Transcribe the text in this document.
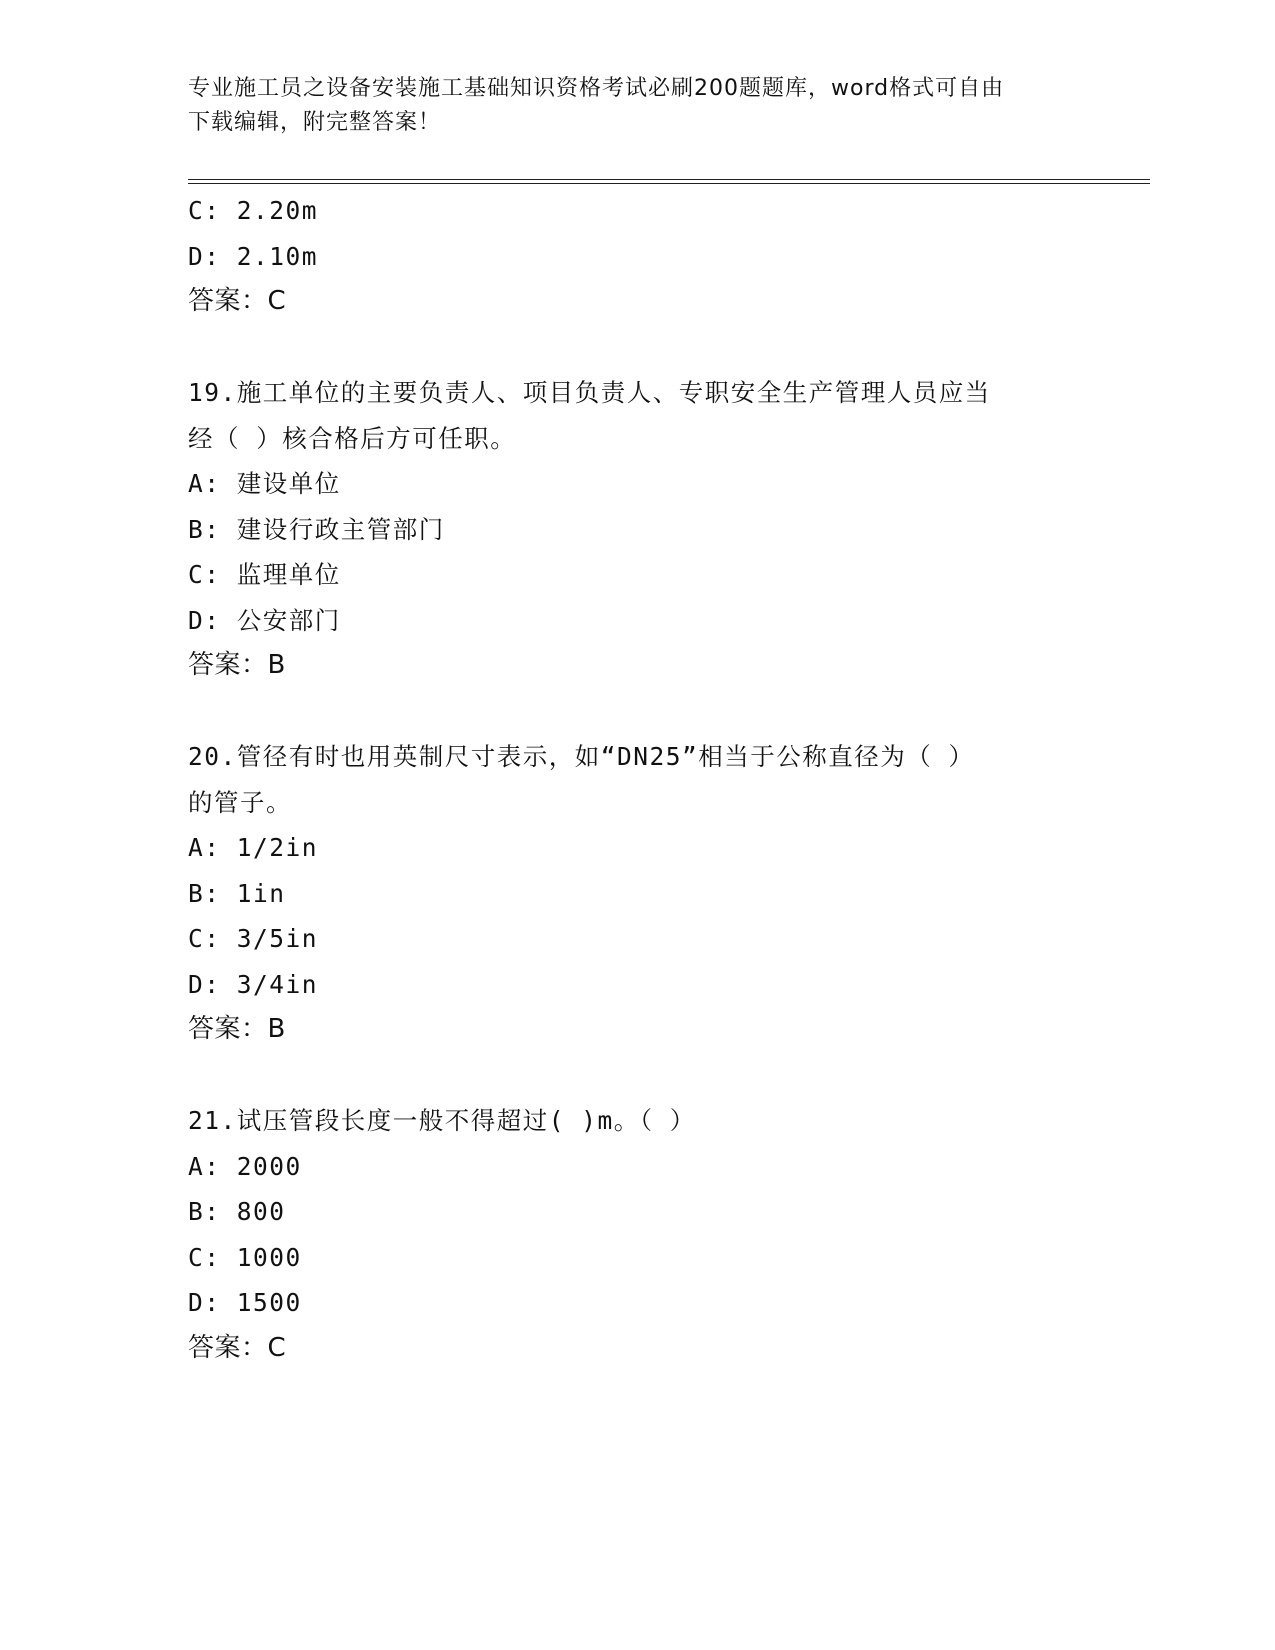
专业施工员之设备安装施工基础知识资格考试必刷200题题库，word格式可自由
下载编辑，附完整答案！
C: 2.20m
D: 2.10m
答案：C
19.施工单位的主要负责人、项目负责人、专职安全生产管理人员应当
经（ ）核合格后方可任职。
A: 建设单位
B: 建设行政主管部门
C: 监理单位
D: 公安部门
答案：B
20.管径有时也用英制尺寸表示，如“DN25”相当于公称直径为（ ）
的管子。
A: 1/2in
B: 1in
C: 3/5in
D: 3/4in
答案：B
21.试压管段长度一般不得超过( )m。（ ）
A: 2000
B: 800
C: 1000
D: 1500
答案：C
